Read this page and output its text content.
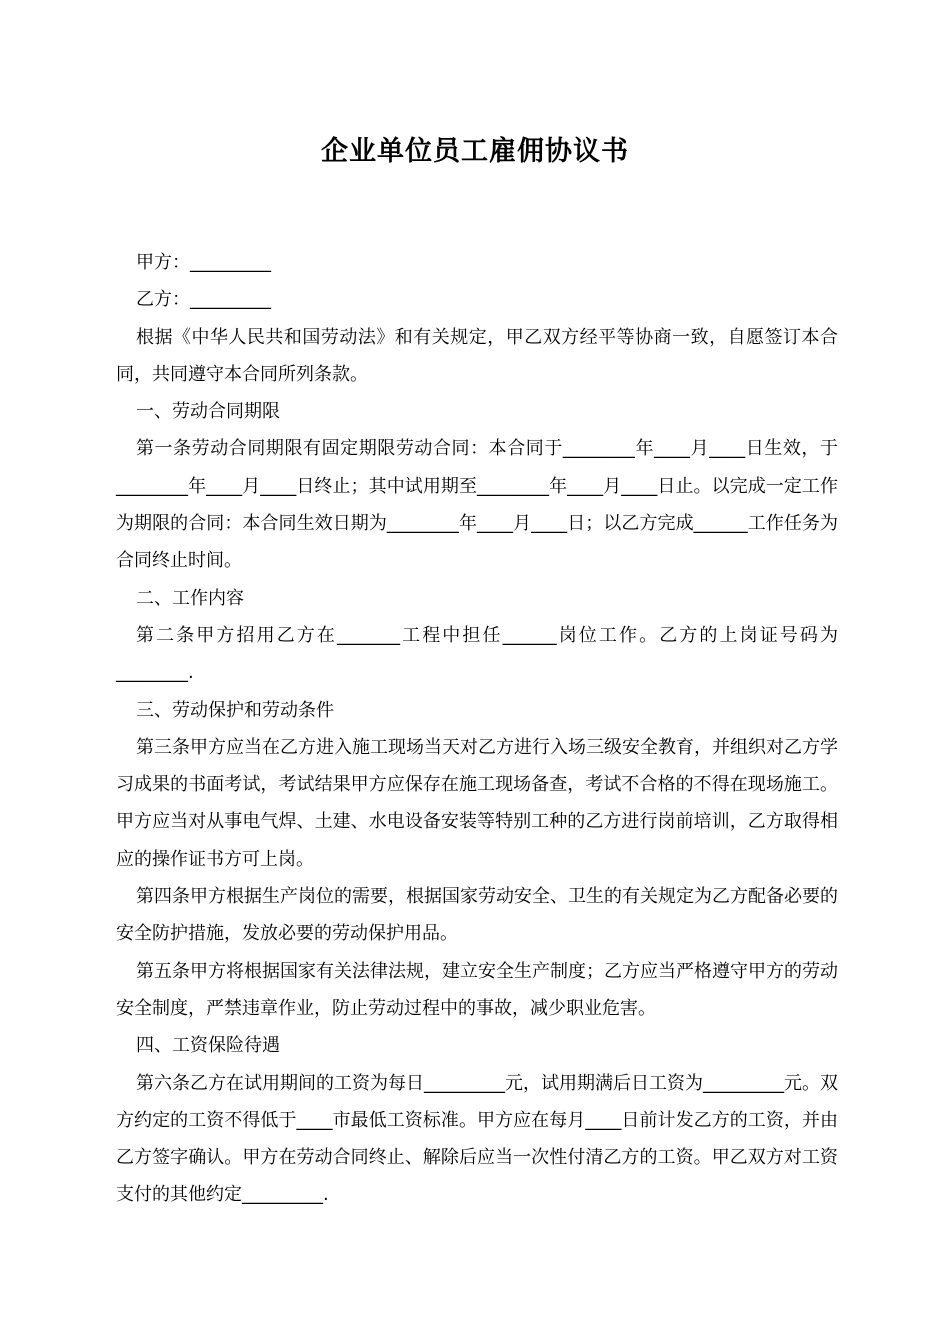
企业单位员工雇佣协议书

甲方：_________

乙方：_________

根据《中华人民共和国劳动法》和有关规定，甲乙双方经平等协商一致，自愿签订本合同，共同遵守本合同所列条款。

一、劳动合同期限

第一条劳动合同期限有固定期限劳动合同：本合同于________年____月____日生效，于________年____月____日终止；其中试用期至________年____月____日止。以完成一定工作为期限的合同：本合同生效日期为________年____月____日；以乙方完成______工作任务为合同终止时间。

二、工作内容

第二条甲方招用乙方在_______工程中担任______岗位工作。乙方的上岗证号码为________.

三、劳动保护和劳动条件

第三条甲方应当在乙方进入施工现场当天对乙方进行入场三级安全教育，并组织对乙方学习成果的书面考试，考试结果甲方应保存在施工现场备查，考试不合格的不得在现场施工。甲方应当对从事电气焊、土建、水电设备安装等特别工种的乙方进行岗前培训，乙方取得相应的操作证书方可上岗。

第四条甲方根据生产岗位的需要，根据国家劳动安全、卫生的有关规定为乙方配备必要的安全防护措施，发放必要的劳动保护用品。

第五条甲方将根据国家有关法律法规，建立安全生产制度；乙方应当严格遵守甲方的劳动安全制度，严禁违章作业，防止劳动过程中的事故，减少职业危害。

四、工资保险待遇

第六条乙方在试用期间的工资为每日_________元，试用期满后日工资为_________元。双方约定的工资不得低于____市最低工资标准。甲方应在每月____日前计发乙方的工资，并由乙方签字确认。甲方在劳动合同终止、解除后应当一次性付清乙方的工资。甲乙双方对工资支付的其他约定_________.
